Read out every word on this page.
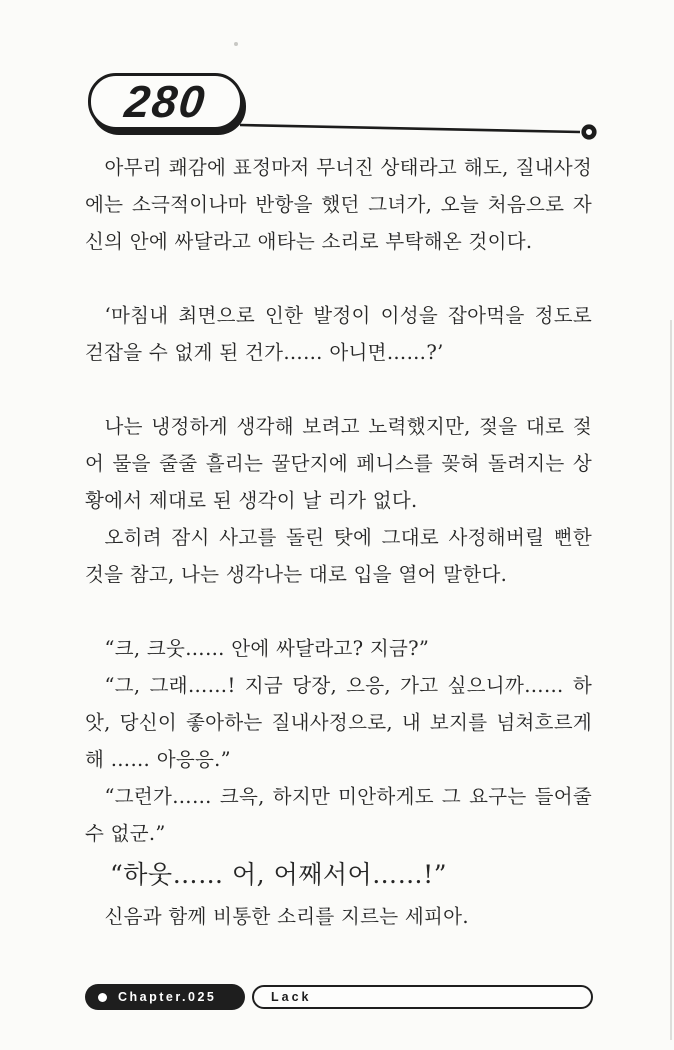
280

아무리 쾌감에 표정마저 무너진 상태라고 해도, 질내사정에는 소극적이나마 반항을 했던 그녀가, 오늘 처음으로 자신의 안에 싸달라고 애타는 소리로 부탁해온 것이다.

‘마침내 최면으로 인한 발정이 이성을 잡아먹을 정도로 걷잡을 수 없게 된 건가…… 아니면……?’

나는 냉정하게 생각해 보려고 노력했지만, 젖을 대로 젖어 물을 줄줄 흘리는 꿀단지에 페니스를 꽂혀 돌려지는 상황에서 제대로 된 생각이 날 리가 없다.

오히려 잠시 사고를 돌린 탓에 그대로 사정해버릴 뻔한 것을 참고, 나는 생각나는 대로 입을 열어 말한다.

“크, 크웃…… 안에 싸달라고? 지금?”

“그, 그래……! 지금 당장, 으응, 가고 싶으니까…… 하앗, 당신이 좋아하는 질내사정으로, 내 보지를 넘쳐흐르게 해 …… 아응응.”

“그런가…… 크윽, 하지만 미안하게도 그 요구는 들어줄 수 없군.”

“하웃…… 어, 어째서어……!”

신음과 함께 비통한 소리를 지르는 세피아.

Chapter.025	Lack
